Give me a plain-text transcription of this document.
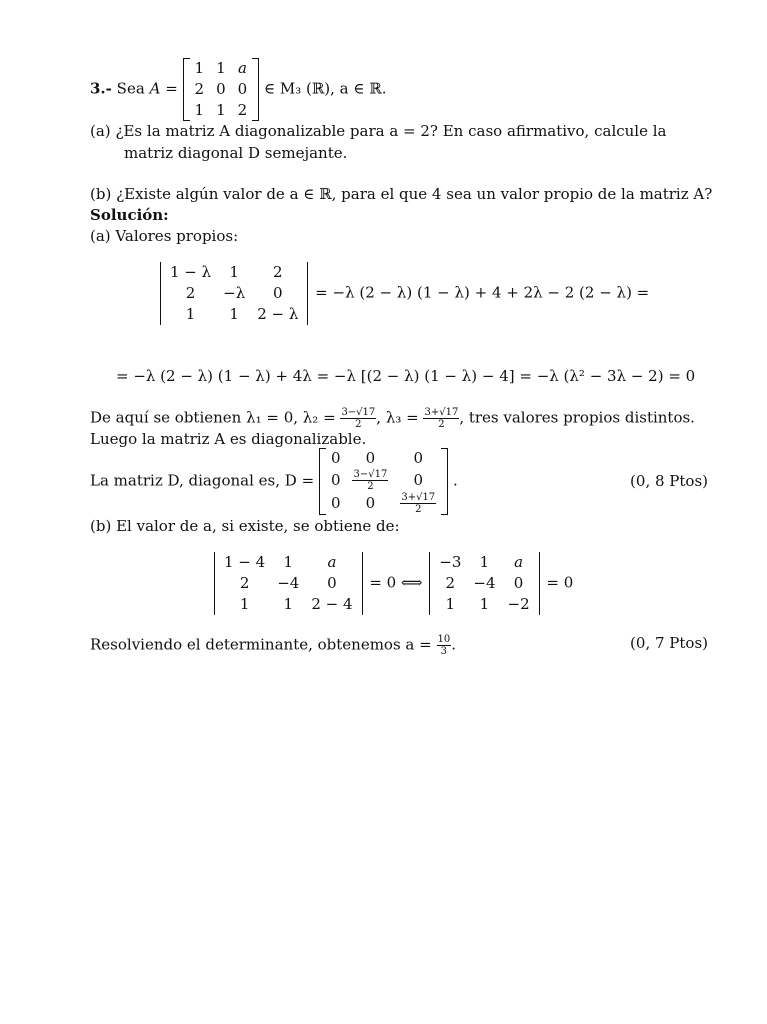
3.- Sea A =
1	1	a
2	0	0
1	1	2
∈ M₃ (ℝ), a ∈ ℝ.
(a) ¿Es la matriz A diagonalizable para a = 2? En caso afirmativo, calcule la
matriz diagonal D semejante.
(b) ¿Existe algún valor de a ∈ ℝ, para el que 4 sea un valor propio de la matriz A?
Solución:
(a) Valores propios:
1 − λ	1	2
2	−λ	0
1	1	2 − λ
= −λ (2 − λ) (1 − λ) + 4 + 2λ − 2 (2 − λ) =
= −λ (2 − λ) (1 − λ) + 4λ = −λ [(2 − λ) (1 − λ) − 4] = −λ (λ² − 3λ − 2) = 0
De aquí se obtienen λ₁ = 0, $\lambda_2 = \frac{3-√17}{2}$ , $\lambda_3 = \frac{3+√17}{2}$ , tres valores propios distintos.
Luego la matriz A es diagonalizable.
La matriz D, diagonal es, D =
0	0	0
0	$\frac{3-√17}{2}$	0
0	0	$\frac{3+√17}{2}$
.	(0, 8 Ptos)
(b) El valor de a, si existe, se obtiene de:
1 − 4	1	a
2	−4	0
1	1	2 − 4
= 0 ⟺
−3	1	a
2	−4	0
1	1	−2
= 0
Resolviendo el determinante, obtenemos $a = \frac{10}{3}$ .	(0, 7 Ptos)
